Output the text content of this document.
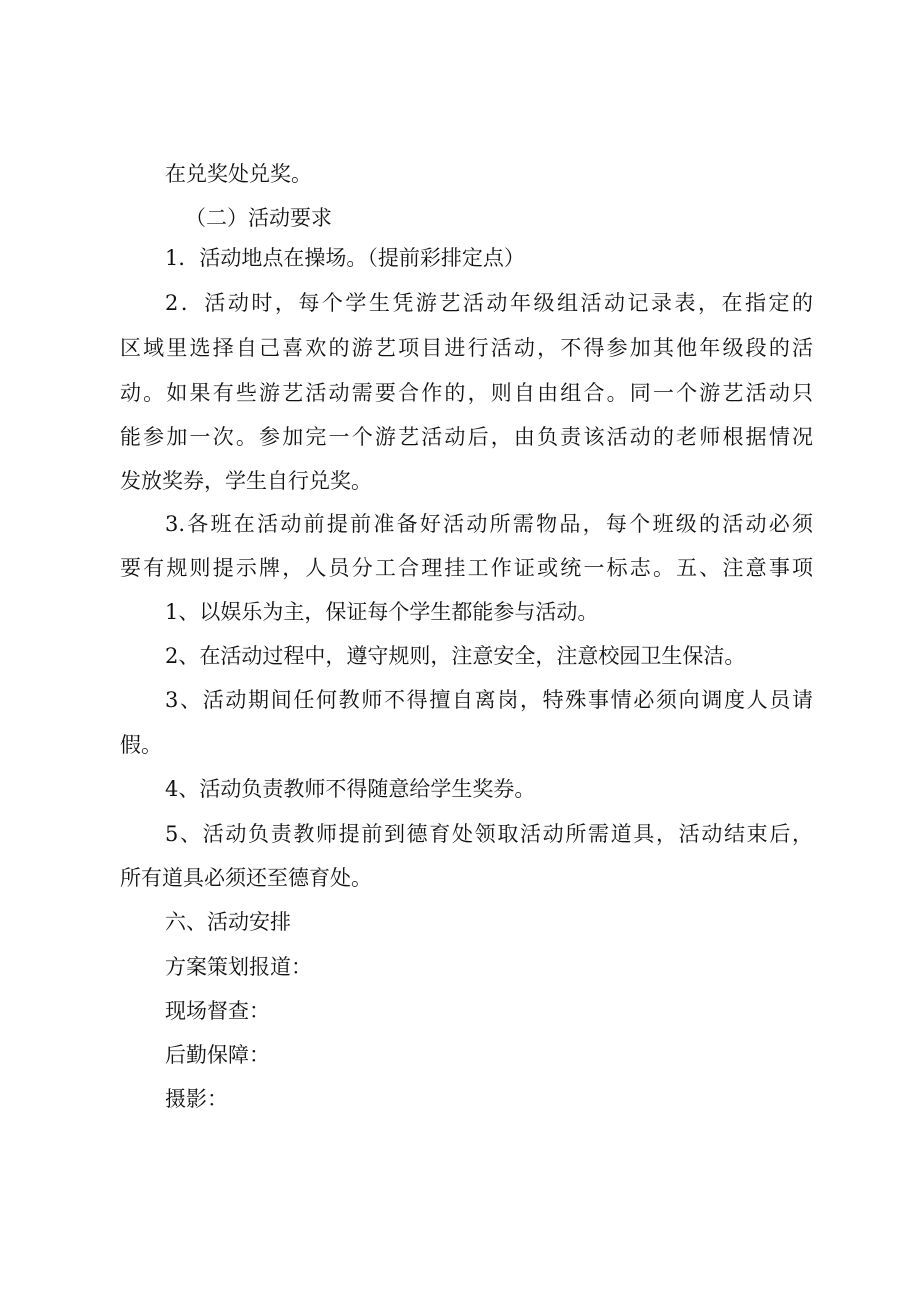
在兑奖处兑奖。
（二）活动要求
1．活动地点在操场。（提前彩排定点）
2．活动时，每个学生凭游艺活动年级组活动记录表，在指定的
区域里选择自己喜欢的游艺项目进行活动，不得参加其他年级段的活
动。如果有些游艺活动需要合作的，则自由组合。同一个游艺活动只
能参加一次。参加完一个游艺活动后，由负责该活动的老师根据情况
发放奖券，学生自行兑奖。
3.各班在活动前提前准备好活动所需物品，每个班级的活动必须
要有规则提示牌，人员分工合理挂工作证或统一标志。五、注意事项
1、以娱乐为主，保证每个学生都能参与活动。
2、在活动过程中，遵守规则，注意安全，注意校园卫生保洁。
3、活动期间任何教师不得擅自离岗，特殊事情必须向调度人员请
假。
4、活动负责教师不得随意给学生奖券。
5、活动负责教师提前到德育处领取活动所需道具，活动结束后，
所有道具必须还至德育处。
六、活动安排
方案策划报道：
现场督查：
后勤保障：
摄影：
